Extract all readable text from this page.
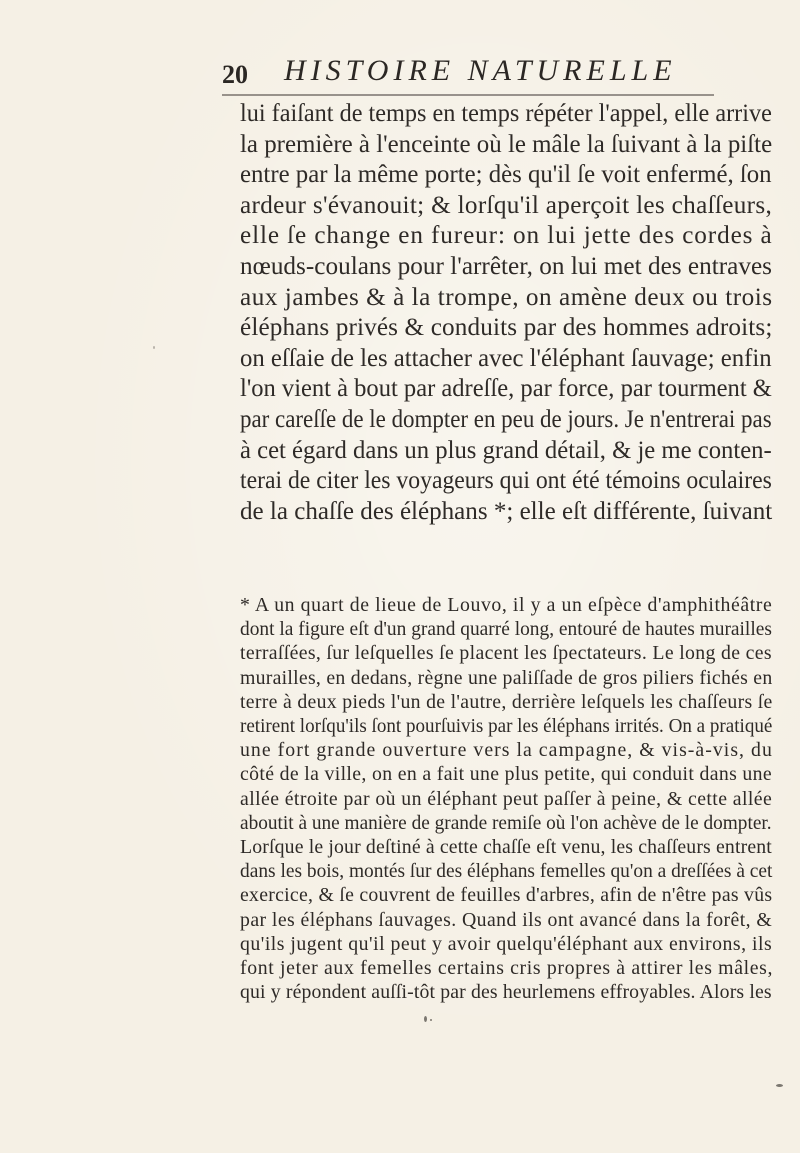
20 HISTOIRE NATURELLE
lui faiſant de temps en temps répéter l'appel, elle arrive
la première à l'enceinte où le mâle la ſuivant à la piſte
entre par la même porte; dès qu'il ſe voit enfermé, ſon
ardeur s'évanouit; & lorſqu'il aperçoit les chaſſeurs,
elle ſe change en fureur: on lui jette des cordes à
nœuds-coulans pour l'arrêter, on lui met des entraves
aux jambes & à la trompe, on amène deux ou trois
éléphans privés & conduits par des hommes adroits;
on eſſaie de les attacher avec l'éléphant ſauvage; enfin
l'on vient à bout par adreſſe, par force, par tourment &
par careſſe de le dompter en peu de jours. Je n'entrerai pas
à cet égard dans un plus grand détail, & je me conten-
terai de citer les voyageurs qui ont été témoins oculaires
de la chaſſe des éléphans *; elle eſt différente, ſuivant
* A un quart de lieue de Louvo, il y a un eſpèce d'amphithéâtre
dont la figure eſt d'un grand quarré long, entouré de hautes murailles
terraſſées, ſur leſquelles ſe placent les ſpectateurs. Le long de ces
murailles, en dedans, règne une paliſſade de gros piliers fichés en
terre à deux pieds l'un de l'autre, derrière leſquels les chaſſeurs ſe
retirent lorſqu'ils ſont pourſuivis par les éléphans irrités. On a pratiqué
une fort grande ouverture vers la campagne, & vis-à-vis, du
côté de la ville, on en a fait une plus petite, qui conduit dans une
allée étroite par où un éléphant peut paſſer à peine, & cette allée
aboutit à une manière de grande remiſe où l'on achève de le dompter.
Lorſque le jour deſtiné à cette chaſſe eſt venu, les chaſſeurs entrent
dans les bois, montés ſur des éléphans femelles qu'on a dreſſées à cet
exercice, & ſe couvrent de feuilles d'arbres, afin de n'être pas vûs
par les éléphans ſauvages. Quand ils ont avancé dans la forêt, &
qu'ils jugent qu'il peut y avoir quelqu'éléphant aux environs, ils
font jeter aux femelles certains cris propres à attirer les mâles,
qui y répondent auſſi-tôt par des heurlemens effroyables. Alors les
